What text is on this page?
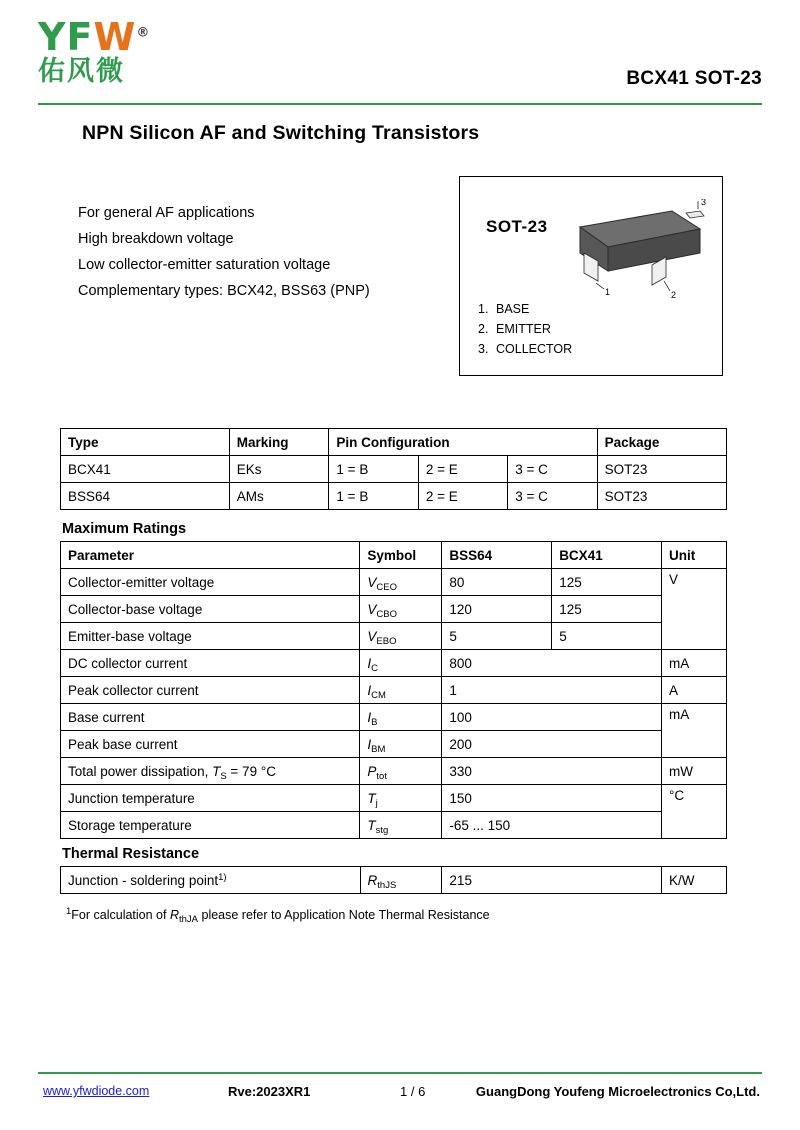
YFW®
佑风微	BCX41 SOT-23
NPN Silicon AF and Switching Transistors
For general AF applications
High breakdown voltage
Low collector-emitter saturation voltage
Complementary types: BCX42, BSS63 (PNP)
SOT-23
3
1	2
1. BASE
2. EMITTER
3. COLLECTOR
Type	Marking	Pin Configuration			Package
BCX41	EKs	1 = B	2 = E	3 = C	SOT23
BSS64	AMs	1 = B	2 = E	3 = C	SOT23
Maximum Ratings
Parameter	Symbol	BSS64	BCX41	Unit
Collector-emitter voltage	$V_{CEO}$	80	125	V
Collector-base voltage	$V_{CBO}$	120	125	
Emitter-base voltage	$V_{EBO}$	5	5	
DC collector current	$I_C$	800		mA
Peak collector current	$I_{CM}$	1		A
Base current	$I_B$	100		mA
Peak base current	$I_{BM}$	200		
Total power dissipation, $T_S = 79$ °C	$P_{tot}$	330		mW
Junction temperature	$T_j$	150		°C
Storage temperature	$T_{stg}$	-65 ... 150		
Thermal Resistance
Junction - soldering point$^{1)}$	$R_{thJS}$	215	K/W
$^1$For calculation of $R_{thJA}$ please refer to Application Note Thermal Resistance
www.yfwdiode.com	Rve:2023XR1	1 / 6	GuangDong Youfeng Microelectronics Co,Ltd.
